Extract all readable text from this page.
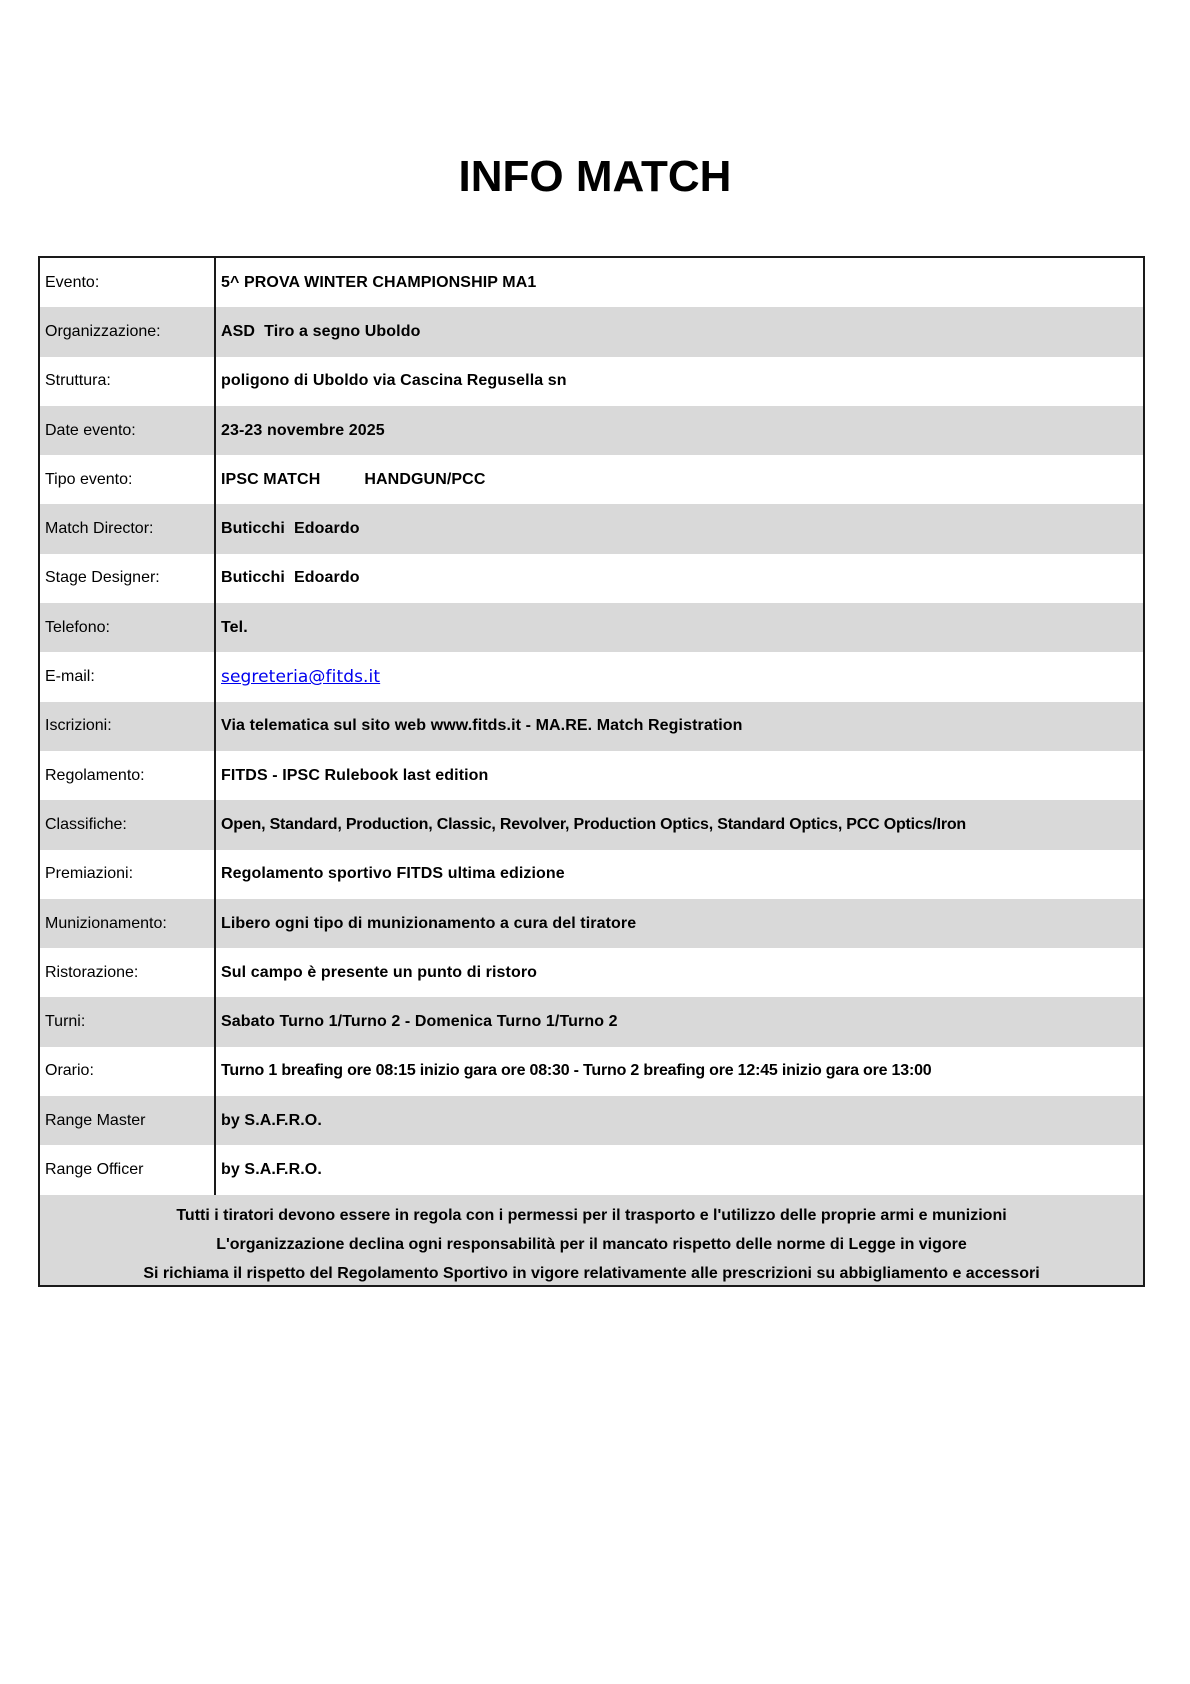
INFO MATCH
Evento:	5^ PROVA WINTER CHAMPIONSHIP MA1
Organizzazione:	ASD  Tiro a segno Uboldo
Struttura:	poligono di Uboldo via Cascina Regusella sn
Date evento:	23-23 novembre 2025
Tipo evento:	IPSC MATCH	HANDGUN/PCC
Match Director:	Buticchi  Edoardo
Stage Designer:	Buticchi  Edoardo
Telefono:	Tel.
E-mail:	segreteria@fitds.it
Iscrizioni:	Via telematica sul sito web www.fitds.it - MA.RE. Match Registration
Regolamento:	FITDS - IPSC Rulebook last edition
Classifiche:	Open, Standard, Production, Classic, Revolver, Production Optics, Standard Optics, PCC Optics/Iron
Premiazioni:	Regolamento sportivo FITDS ultima edizione
Munizionamento:	Libero ogni tipo di munizionamento a cura del tiratore
Ristorazione:	Sul campo è presente un punto di ristoro
Turni:	Sabato Turno 1/Turno 2 - Domenica Turno 1/Turno 2
Orario:	Turno 1 breafing ore 08:15 inizio gara ore 08:30 - Turno 2 breafing ore 12:45 inizio gara ore 13:00
Range Master	by S.A.F.R.O.
Range Officer	by S.A.F.R.O.
Tutti i tiratori devono essere in regola con i permessi per il trasporto e l'utilizzo delle proprie armi e munizioni
L'organizzazione declina ogni responsabilità per il mancato rispetto delle norme di Legge in vigore
Si richiama il rispetto del Regolamento Sportivo in vigore relativamente alle prescrizioni su abbigliamento e accessori
